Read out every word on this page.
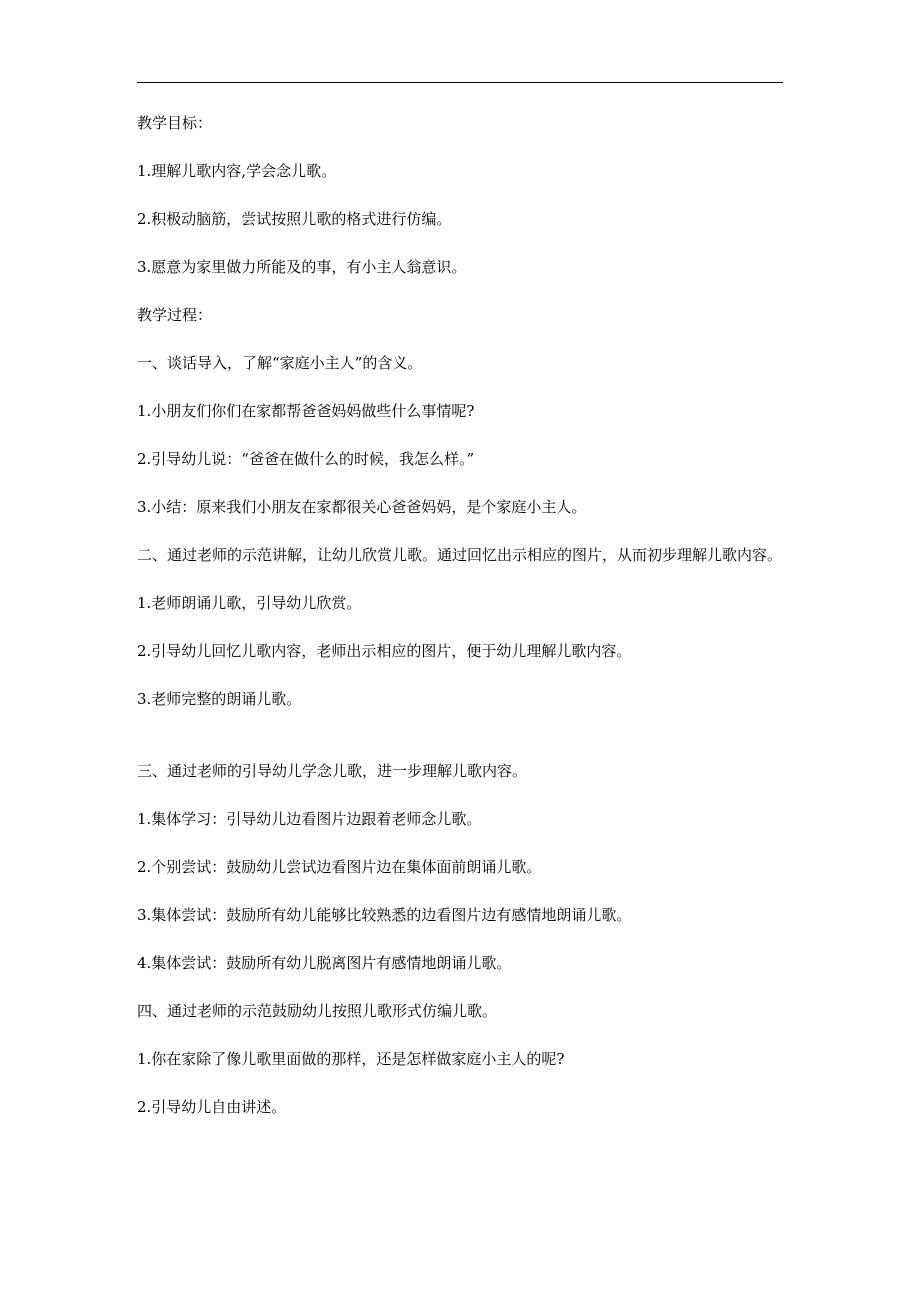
教学目标：

1.理解儿歌内容,学会念儿歌。

2.积极动脑筋，尝试按照儿歌的格式进行仿编。

3.愿意为家里做力所能及的事，有小主人翁意识。

教学过程：

一、谈话导入，了解“家庭小主人”的含义。

1.小朋友们你们在家都帮爸爸妈妈做些什么事情呢?

2.引导幼儿说：“爸爸在做什么的时候，我怎么样。”

3.小结：原来我们小朋友在家都很关心爸爸妈妈，是个家庭小主人。

二、通过老师的示范讲解，让幼儿欣赏儿歌。通过回忆出示相应的图片，从而初步理解儿歌内容。

1.老师朗诵儿歌，引导幼儿欣赏。

2.引导幼儿回忆儿歌内容，老师出示相应的图片，便于幼儿理解儿歌内容。

3.老师完整的朗诵儿歌。

三、通过老师的引导幼儿学念儿歌，进一步理解儿歌内容。

1.集体学习：引导幼儿边看图片边跟着老师念儿歌。

2.个别尝试：鼓励幼儿尝试边看图片边在集体面前朗诵儿歌。

3.集体尝试：鼓励所有幼儿能够比较熟悉的边看图片边有感情地朗诵儿歌。

4.集体尝试：鼓励所有幼儿脱离图片有感情地朗诵儿歌。

四、通过老师的示范鼓励幼儿按照儿歌形式仿编儿歌。

1.你在家除了像儿歌里面做的那样，还是怎样做家庭小主人的呢?

2.引导幼儿自由讲述。
